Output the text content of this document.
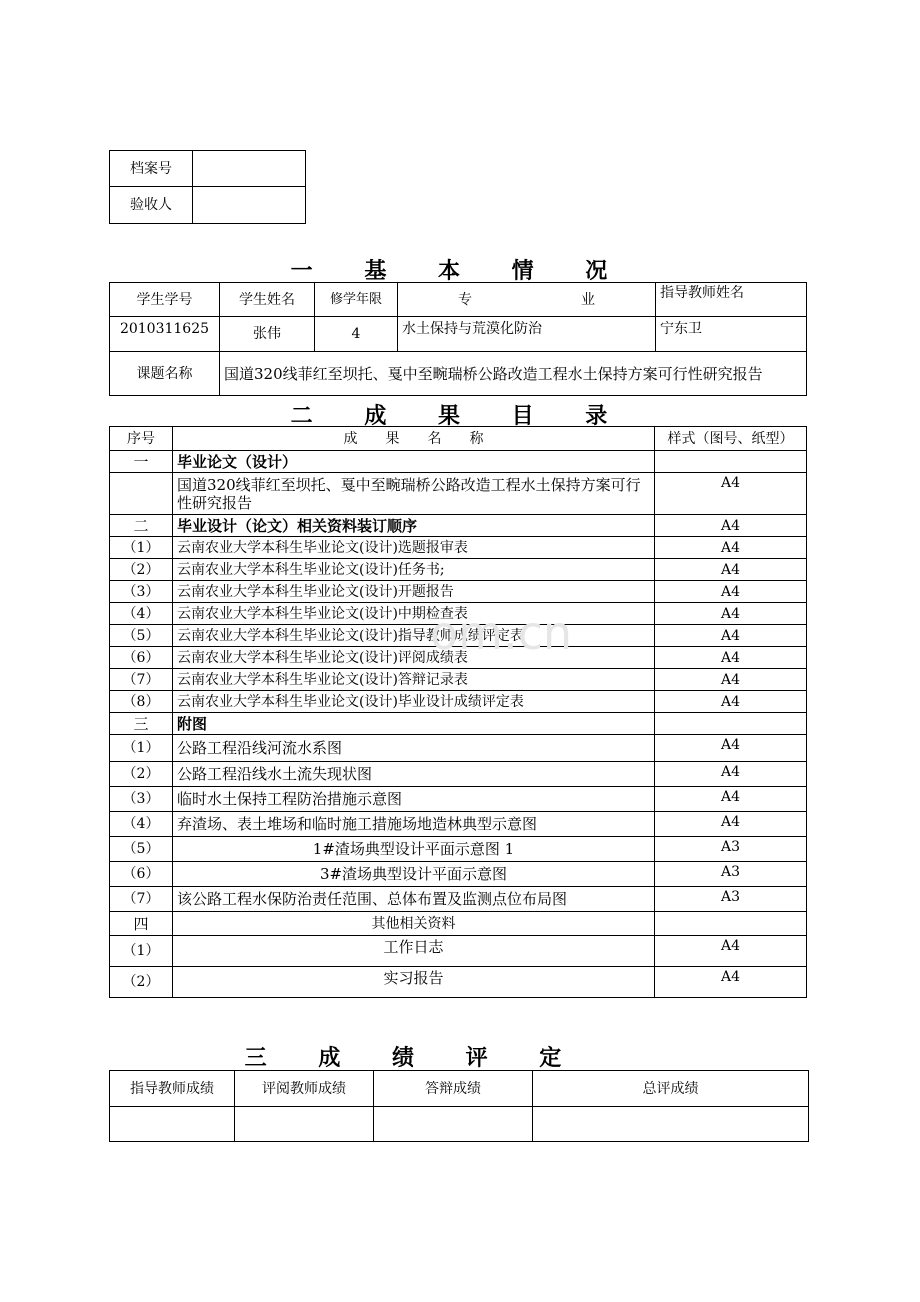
档案号	
验收人	
一 基 本 情 况
学生学号	学生姓名	修学年限	专 业	指导教师姓名
2010311625	张伟	4	水土保持与荒漠化防治	宁东卫
课题名称	国道320线菲红至坝托、戛中至畹瑞桥公路改造工程水土保持方案可行性研究报告			
二 成 果 目 录
序号	成　　果　　名　　称	样式（图号、纸型）
一	毕业论文（设计）	
	国道320线菲红至坝托、戛中至畹瑞桥公路改造工程水土保持方案可行性研究报告	A4
二	毕业设计（论文）相关资料装订顺序	A4
（1）	云南农业大学本科生毕业论文(设计)选题报审表	A4
（2）	云南农业大学本科生毕业论文(设计)任务书;	A4
（3）	云南农业大学本科生毕业论文(设计)开题报告	A4
（4）	云南农业大学本科生毕业论文(设计)中期检查表	A4
（5）	云南农业大学本科生毕业论文(设计)指导教师成绩评定表	A4
（6）	云南农业大学本科生毕业论文(设计)评阅成绩表	A4
（7）	云南农业大学本科生毕业论文(设计)答辩记录表	A4
（8）	云南农业大学本科生毕业论文(设计)毕业设计成绩评定表	A4
三	附图	
（1）	公路工程沿线河流水系图	A4
（2）	公路工程沿线水土流失现状图	A4
（3）	临时水土保持工程防治措施示意图	A4
（4）	弃渣场、表土堆场和临时施工措施场地造林典型示意图	A4
（5）	1#渣场典型设计平面示意图 1	A3
（6）	3#渣场典型设计平面示意图	A3
（7）	该公路工程水保防治责任范围、总体布置及监测点位布局图	A3
四	其他相关资料	
（1）	工作日志	A4
（2）	实习报告	A4
om.cn
三 成 绩 评 定
指导教师成绩	评阅教师成绩	答辩成绩	总评成绩
